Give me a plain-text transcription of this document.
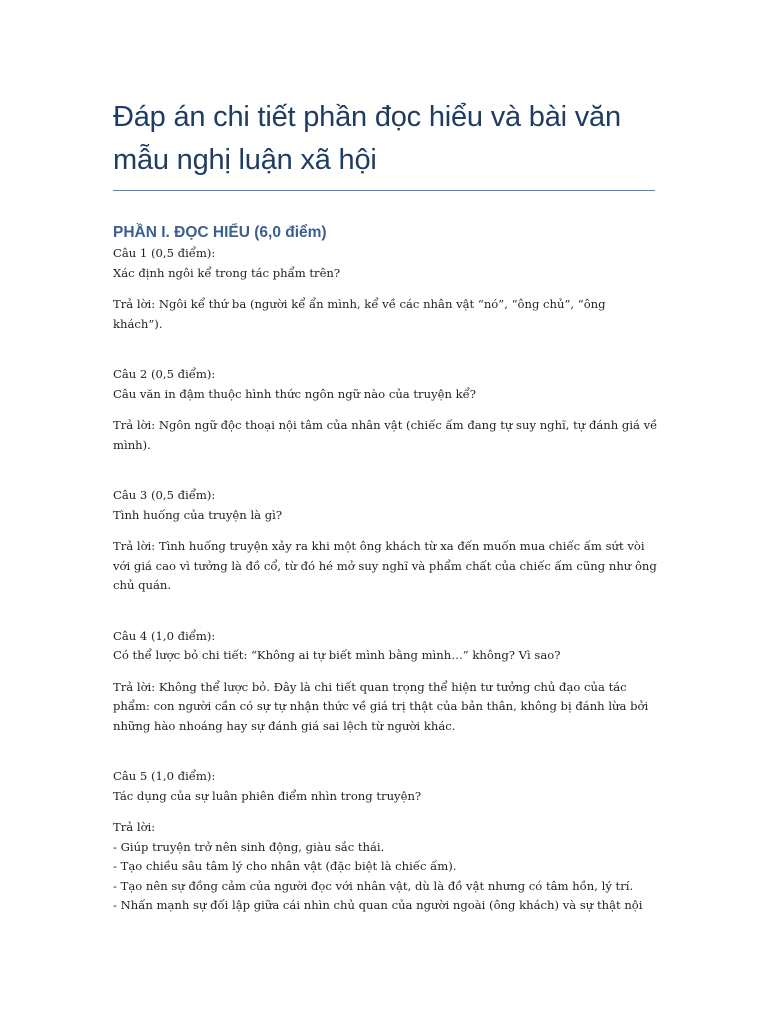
Đáp án chi tiết phần đọc hiểu và bài văn mẫu nghị luận xã hội
PHẦN I. ĐỌC HIỂU (6,0 điểm)

Câu 1 (0,5 điểm):

Xác định ngôi kể trong tác phẩm trên?

Trả lời: Ngôi kể thứ ba (người kể ẩn mình, kể về các nhân vật “nó”, “ông chủ”, “ông khách”).

Câu 2 (0,5 điểm):

Câu văn in đậm thuộc hình thức ngôn ngữ nào của truyện kể?

Trả lời: Ngôn ngữ độc thoại nội tâm của nhân vật (chiếc ấm đang tự suy nghĩ, tự đánh giá về mình).

Câu 3 (0,5 điểm):

Tình huống của truyện là gì?

Trả lời: Tình huống truyện xảy ra khi một ông khách từ xa đến muốn mua chiếc ấm sứt vòi với giá cao vì tưởng là đồ cổ, từ đó hé mở suy nghĩ và phẩm chất của chiếc ấm cũng như ông chủ quán.

Câu 4 (1,0 điểm):

Có thể lược bỏ chi tiết: “Không ai tự biết mình bằng mình…” không? Vì sao?

Trả lời: Không thể lược bỏ. Đây là chi tiết quan trọng thể hiện tư tưởng chủ đạo của tác phẩm: con người cần có sự tự nhận thức về giá trị thật của bản thân, không bị đánh lừa bởi những hào nhoáng hay sự đánh giá sai lệch từ người khác.

Câu 5 (1,0 điểm):

Tác dụng của sự luân phiên điểm nhìn trong truyện?

Trả lời:

- Giúp truyện trở nên sinh động, giàu sắc thái.

- Tạo chiều sâu tâm lý cho nhân vật (đặc biệt là chiếc ấm).

- Tạo nên sự đồng cảm của người đọc với nhân vật, dù là đồ vật nhưng có tâm hồn, lý trí.

- Nhấn mạnh sự đối lập giữa cái nhìn chủ quan của người ngoài (ông khách) và sự thật nội
